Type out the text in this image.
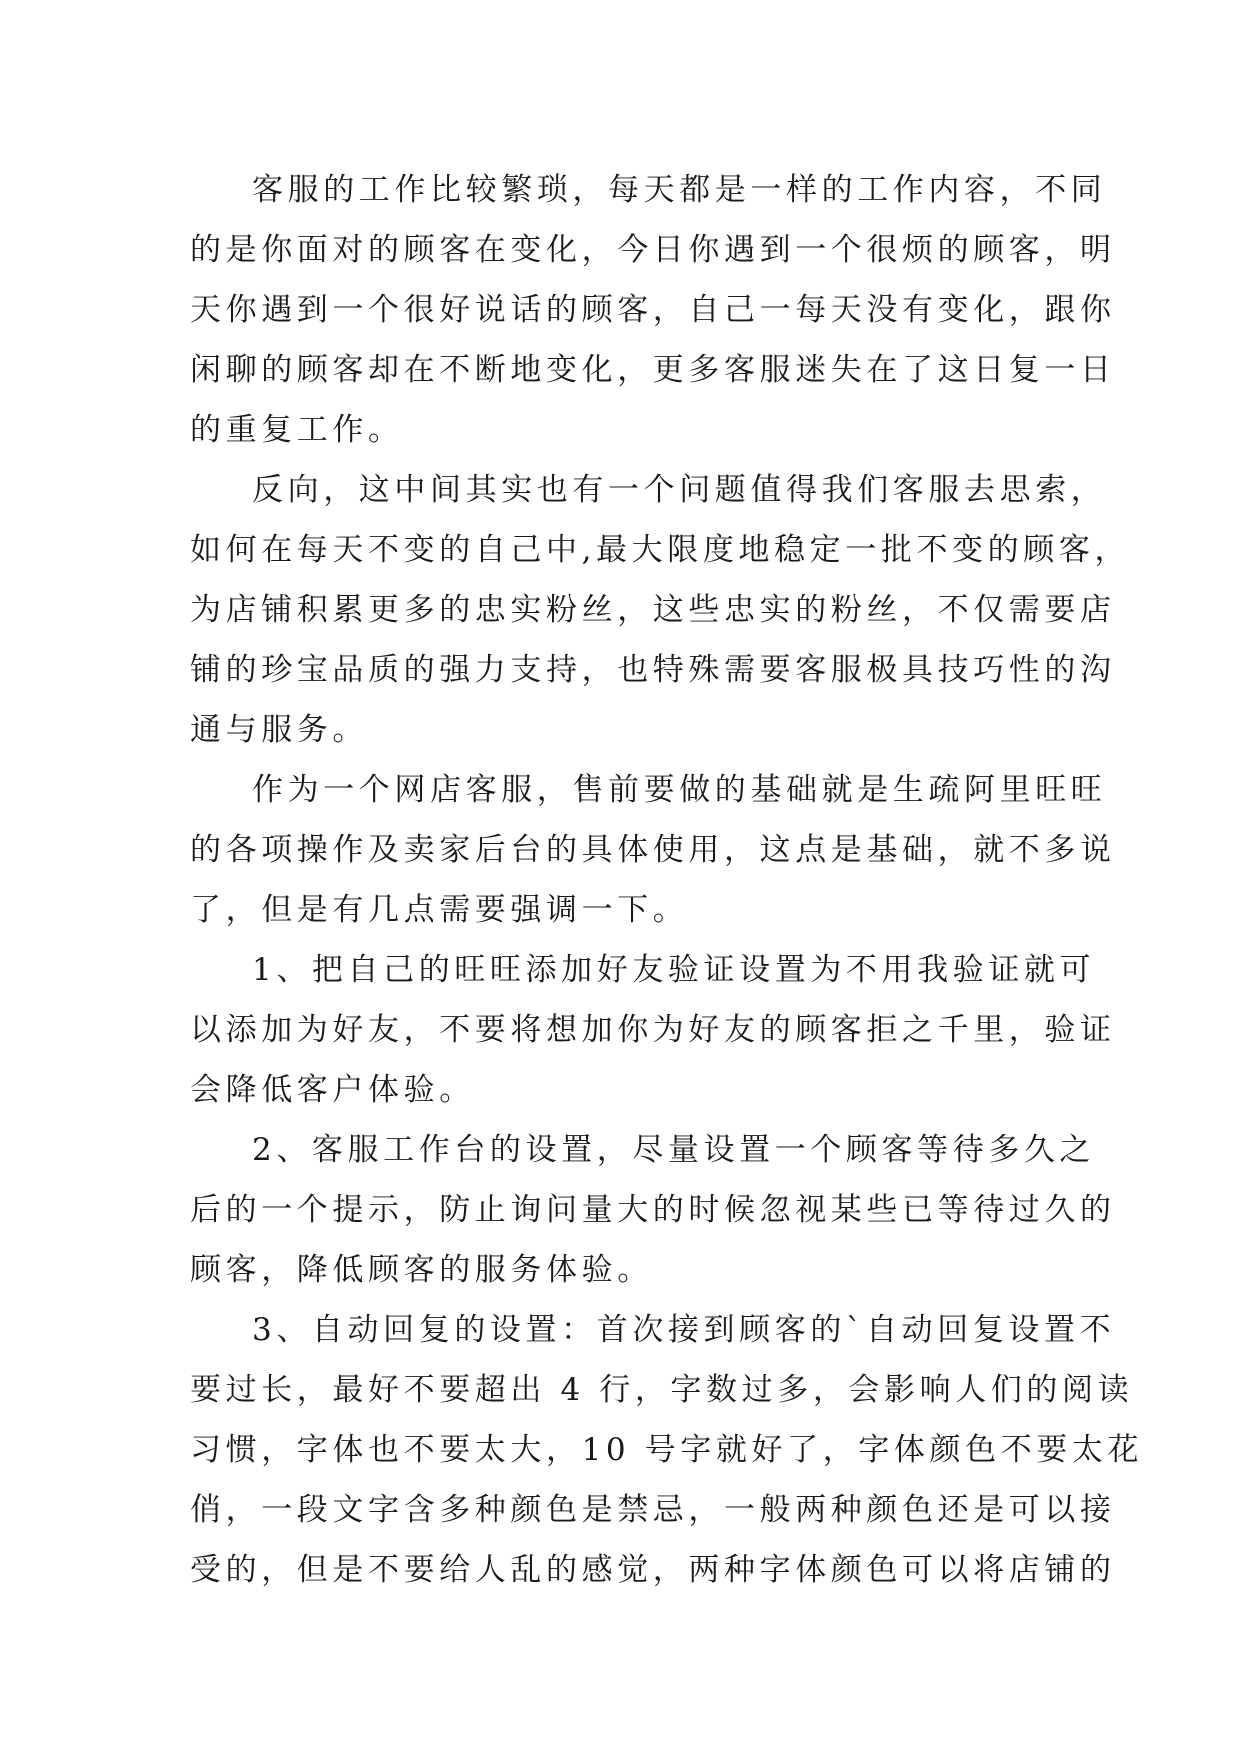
客服的工作比较繁琐，每天都是一样的工作内容，不同
的是你面对的顾客在变化，今日你遇到一个很烦的顾客，明
天你遇到一个很好说话的顾客，自己一每天没有变化，跟你
闲聊的顾客却在不断地变化，更多客服迷失在了这日复一日
的重复工作。

反向，这中间其实也有一个问题值得我们客服去思索，
如何在每天不变的自己中,最大限度地稳定一批不变的顾客，
为店铺积累更多的忠实粉丝，这些忠实的粉丝，不仅需要店
铺的珍宝品质的强力支持，也特殊需要客服极具技巧性的沟
通与服务。

作为一个网店客服，售前要做的基础就是生疏阿里旺旺
的各项操作及卖家后台的具体使用，这点是基础，就不多说
了，但是有几点需要强调一下。

1、把自己的旺旺添加好友验证设置为不用我验证就可
以添加为好友，不要将想加你为好友的顾客拒之千里，验证
会降低客户体验。

2、客服工作台的设置，尽量设置一个顾客等待多久之
后的一个提示，防止询问量大的时候忽视某些已等待过久的
顾客，降低顾客的服务体验。

3、自动回复的设置：首次接到顾客的`自动回复设置不
要过长，最好不要超出 4 行，字数过多，会影响人们的阅读
习惯，字体也不要太大，10 号字就好了，字体颜色不要太花
俏，一段文字含多种颜色是禁忌，一般两种颜色还是可以接
受的，但是不要给人乱的感觉，两种字体颜色可以将店铺的
